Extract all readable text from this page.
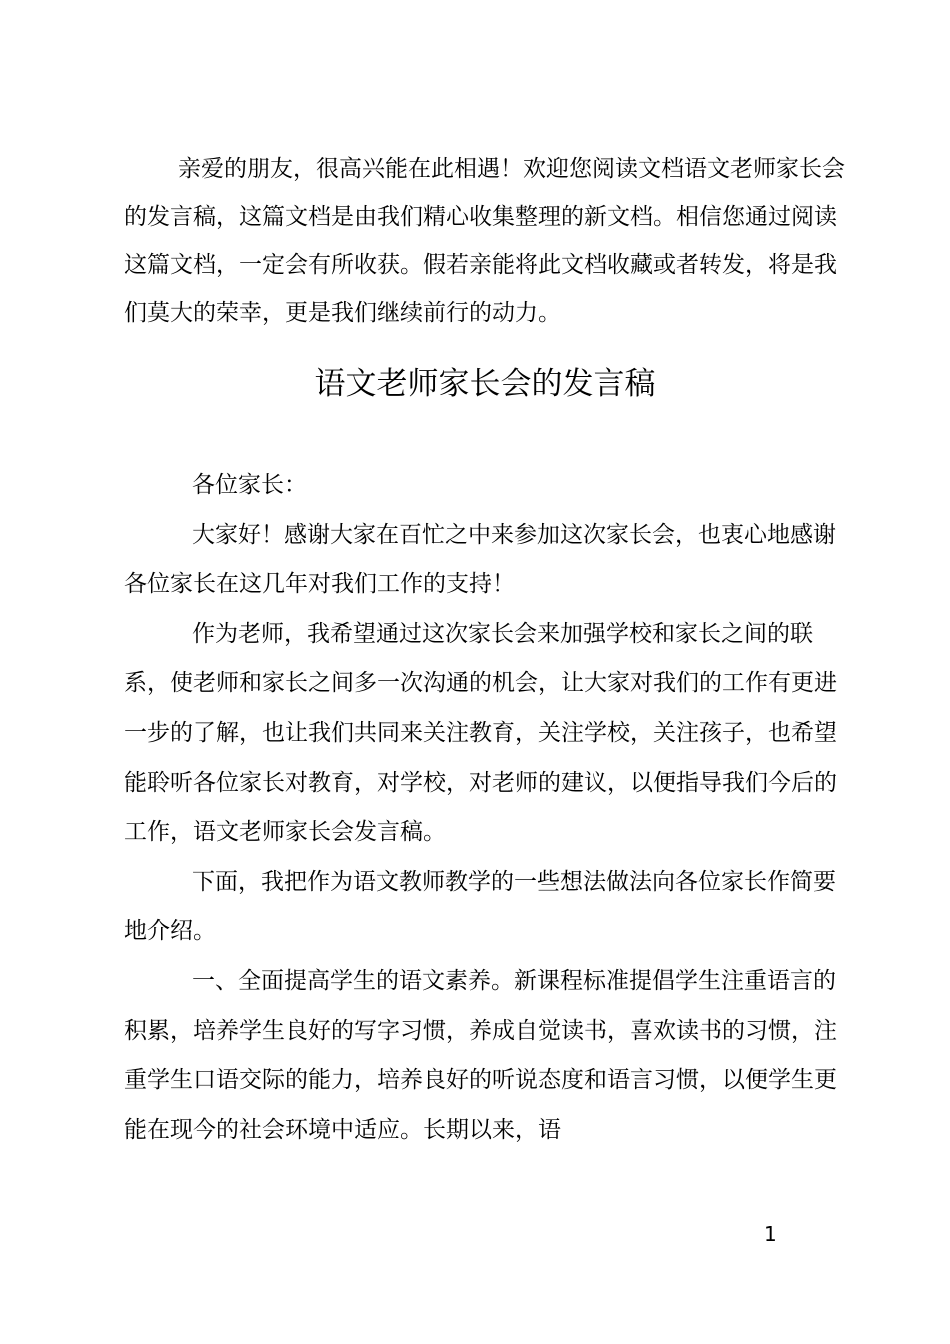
亲爱的朋友，很高兴能在此相遇！欢迎您阅读文档语文老师家长会的发言稿，这篇文档是由我们精心收集整理的新文档。相信您通过阅读这篇文档，一定会有所收获。假若亲能将此文档收藏或者转发，将是我们莫大的荣幸，更是我们继续前行的动力。

语文老师家长会的发言稿

各位家长：

大家好！感谢大家在百忙之中来参加这次家长会，也衷心地感谢各位家长在这几年对我们工作的支持！

作为老师，我希望通过这次家长会来加强学校和家长之间的联系，使老师和家长之间多一次沟通的机会，让大家对我们的工作有更进一步的了解，也让我们共同来关注教育，关注学校，关注孩子，也希望能聆听各位家长对教育，对学校，对老师的建议，以便指导我们今后的工作，语文老师家长会发言稿。

下面，我把作为语文教师教学的一些想法做法向各位家长作简要地介绍。

一、全面提高学生的语文素养。新课程标准提倡学生注重语言的积累，培养学生良好的写字习惯，养成自觉读书，喜欢读书的习惯，注重学生口语交际的能力，培养良好的听说态度和语言习惯，以便学生更能在现今的社会环境中适应。长期以来，语

1
